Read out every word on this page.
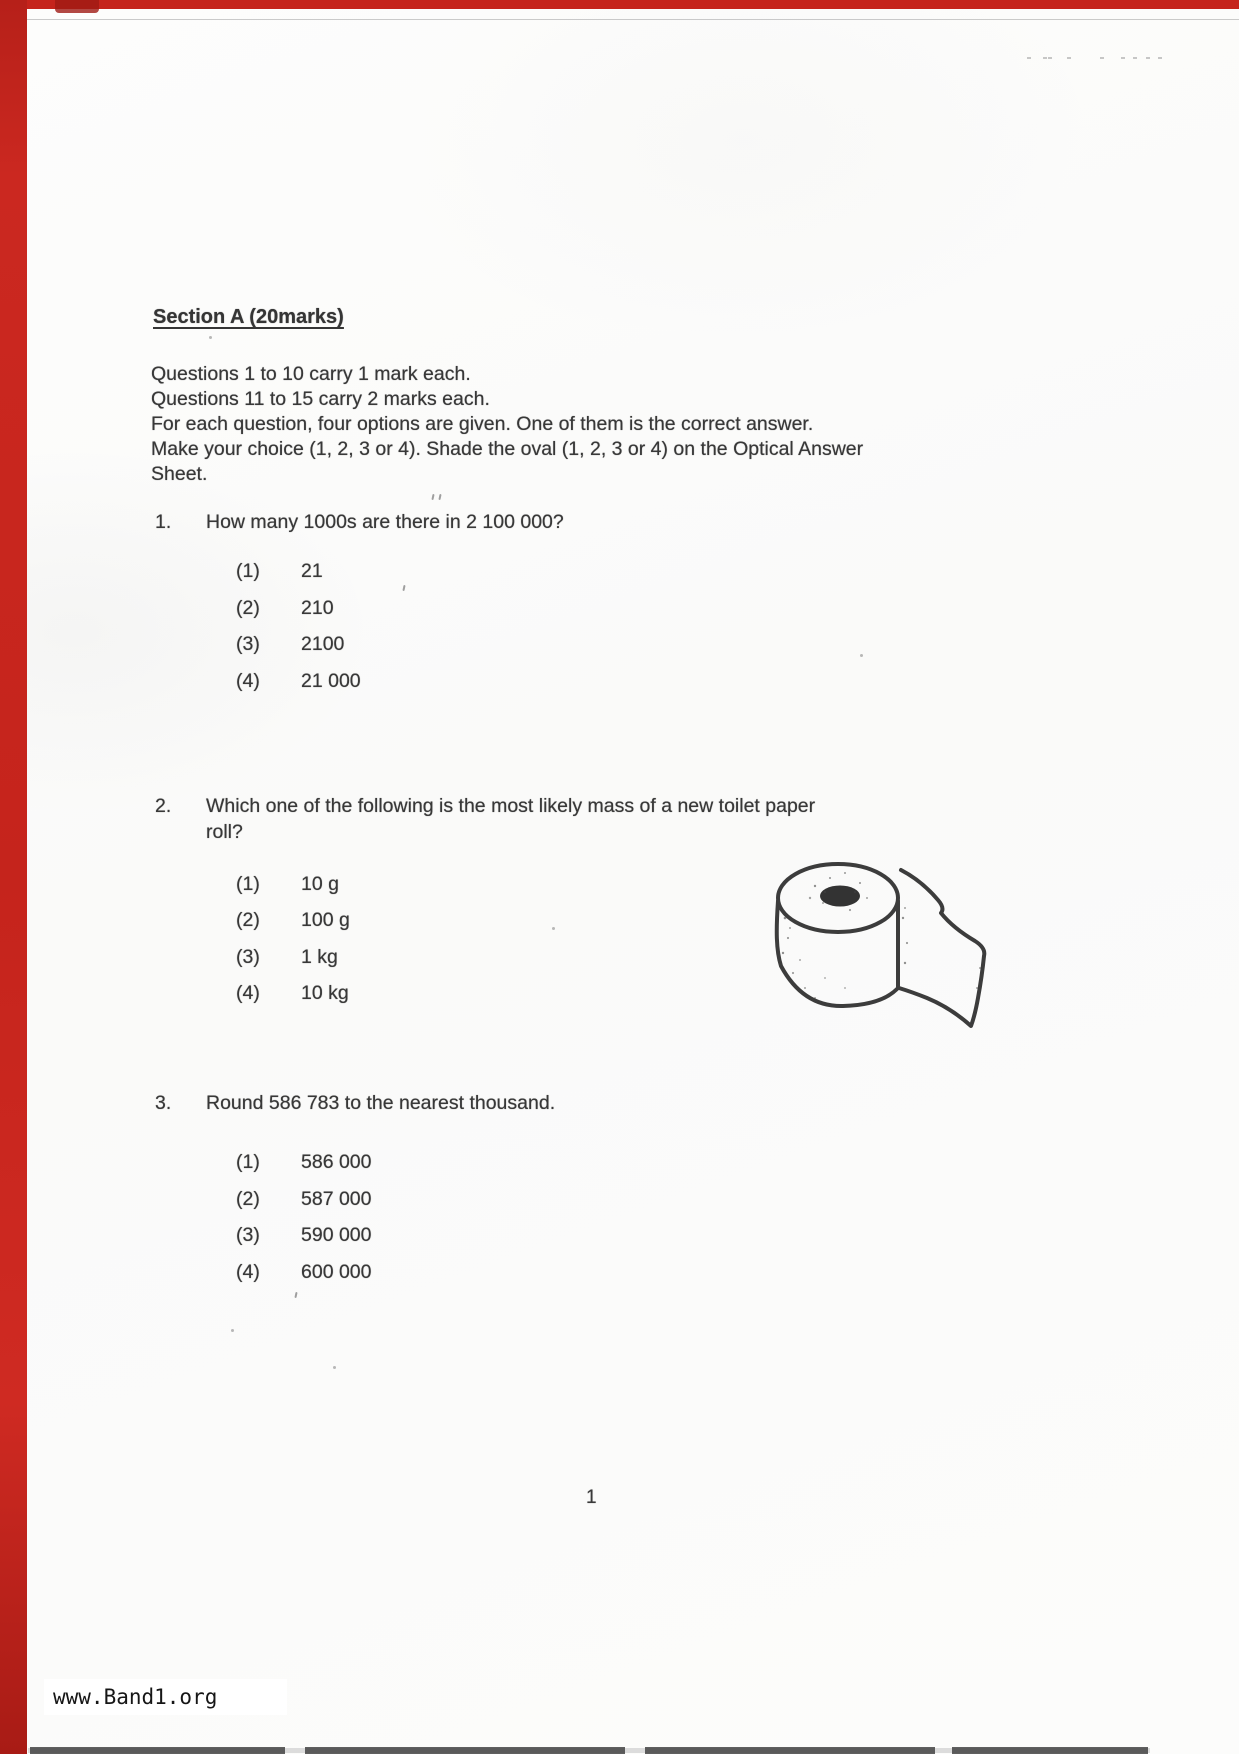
Section A (20marks)
Questions 1 to 10 carry 1 mark each.
Questions 11 to 15 carry 2 marks each.
For each question, four options are given. One of them is the correct answer.
Make your choice (1, 2, 3 or 4). Shade the oval (1, 2, 3 or 4) on the Optical Answer
Sheet.
1. How many 1000s are there in 2 100 000?
(1) 21
(2) 210
(3) 2100
(4) 21 000
2. Which one of the following is the most likely mass of a new toilet paper
roll?
(1) 10 g
(2) 100 g
(3) 1 kg
(4) 10 kg
3. Round 586 783 to the nearest thousand.
(1) 586 000
(2) 587 000
(3) 590 000
(4) 600 000
1
www.Band1.org
